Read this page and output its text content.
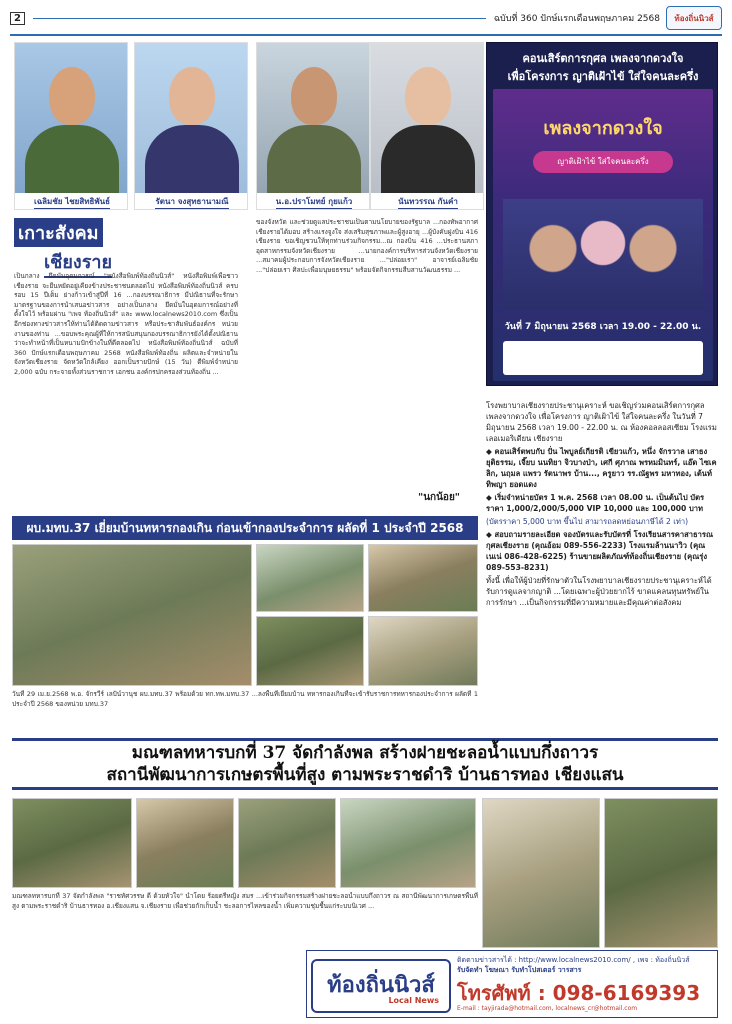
2	ฉบับที่ 360 ปักษ์แรกเดือนพฤษภาคม 2568	ท้องถิ่นนิวส์
เฉลิมชัย ไชยสิทธิพันธ์	รัตนา จงสุทธานามณี	น.อ.ปราโมทย์ กุยแก้ว	นันทวรรณ กันคำ
คอนเสิร์ตการกุศล เพลงจากดวงใจ
เพื่อโครงการ ญาติเฝ้าไข้ ใส่ใจคนละครึ่ง
เพลงจากดวงใจ
ญาติเฝ้าไข้ ใส่ใจคนละครึ่ง
วันที่ 7 มิถุนายน 2568 เวลา 19.00 - 22.00 น.
เกาะสังคม
เชียงราย
เป็นกลาง ยึดมั่นอุดมการณ์ "หนังสือพิมพ์ท้องถิ่นนิวส์" หนังสือพิมพ์เพื่อชาวเชียงราย จะยืนหยัดอยู่เคียงข้างประชาชนตลอดไป หนังสือพิมพ์ท้องถิ่นนิวส์ ครบรอบ 15 ปีเต็ม ย่างก้าวเข้าสู่ปีที่ 16 ...กองบรรณาธิการ มีปณิธานที่จะรักษามาตรฐานของการนำเสนอข่าวสาร อย่างเป็นกลาง ยึดมั่นในอุดมการณ์อย่างที่ตั้งใจไว้ พร้อมผ่าน "เพจ ท้องถิ่นนิวส์" และ www.localnews2010.com ซึ่งเป็นอีกช่องทางข่าวสารให้ท่านได้ติดตามข่าวสาร หรือประชาสัมพันธ์องค์กร หน่วยงานของท่าน ...ขอบพระคุณผู้ที่ให้การสนับสนุนกองบรรณาธิการยังได้ตั้งปณิธานว่าจะทำหน้าที่เป็นหนามปักข้างในที่ดีตลอดไป หนังสือพิมพ์ท้องถิ่นนิวส์ ฉบับที่ 360 ปักษ์แรกเดือนพฤษภาคม 2568 หนังสือพิมพ์ท้องถิ่น ผลิตและจำหน่ายในจังหวัดเชียงราย จัดหวัดใกล้เคียง ออกเป็นรายปักษ์ (15 วัน) ตีพิมพ์จำหน่าย 2,000 ฉบับ กระจายทั้งส่วนราชการ เอกชน องค์กรปกครองส่วนท้องถิ่น ...
ของจังหวัด และช่วยดูแลประชาชนเป็นตามนโยบายของรัฐบาล ...กองทัพอากาศเชียงรายได้มอบ สร้างแรงจูงใจ ส่งเสริมสุขภาพและผู้สูงอายุ ...ผู้บังคับฝูงบิน 416 เชียงราย ขอเชิญชวนให้ทุกท่านร่วมกิจกรรม...ณ กองบิน 416 ...ประธานสภาอุตสาหกรรมจังหวัดเชียงราย ...นายกองค์การบริหารส่วนจังหวัดเชียงราย ...สมาคมผู้ประกอบการจังหวัดเชียงราย ..."ปล่อยเรา" อาจารย์เฉลิมชัย ..."ปล่อยเรา ศิลปะเพื่อมนุษยธรรม" พร้อมจัดกิจกรรมสืบสานวัฒนธรรม ...
"นกน้อย"

โรงพยาบาลเชียงรายประชานุเคราะห์ ขอเชิญร่วมคอนเสิร์ตการกุศล เพลงจากดวงใจ เพื่อโครงการ ญาติเฝ้าไข้ ใส่ใจคนละครึ่ง ในวันที่ 7 มิถุนายน 2568 เวลา 19.00 - 22.00 น. ณ ห้องคอลลอสเซียม โรงแรมเลอเมอริเดียน เชียงราย

◆ คอนเสิร์ตพบกับ ปั่น ไพบูลย์เกียรติ เขียวแก้ว, หนึ่ง จักรวาล เสาธงยุติธรรม, เจี๊ยบ นนทิยา จิวบางป่า, เศกี ศุภาณ พรหมมินทร์, แอ๊ด ไซเคลิก, นฤมล แพรว รัตนาพร บ้าน..., ครูยาว รร.ณัฐพร มหาทอง, เต้นท์ ทิพญา ยอดแดง

◆ เริ่มจำหน่ายบัตร 1 พ.ค. 2568 เวลา 08.00 น. เป็นต้นไป บัตรราคา 1,000/2,000/5,000 VIP 10,000 และ 100,000 บาท

(บัตรราคา 5,000 บาท ขึ้นไป สามารถลดหย่อนภาษีได้ 2 เท่า)

◆ สอบถามรายละเอียด จองบัตรและรับบัตรที่ โรงเรียนสารคาสาธารณกุศลเชียงราย (คุณอ้อม 089-556-2233) โรงแรมล้านนาวิว (คุณเนเน่ 086-428-6225) ร้านขายผลิตภัณฑ์ท้องถิ่นเชียงราย (คุณรุ่ง 089-553-8231)

ทั้งนี้ เพื่อให้ผู้ป่วยที่รักษาตัวในโรงพยาบาลเชียงรายประชานุเคราะห์ได้รับการดูแลจากญาติ ...โดยเฉพาะผู้ป่วยยากไร้ ขาดแคลนทุนทรัพย์ในการรักษา ...เป็นกิจกรรมที่มีความหมายและมีคุณค่าต่อสังคม

ผบ.มทบ.37 เยี่ยมบ้านทหารกองเกิน ก่อนเข้ากองประจำการ ผลัดที่ 1 ประจำปี 2568
วันที่ 29 เม.ย.2568 พ.อ. จักรวีร์ เลปัน์วานุช ผบ.มทบ.37 พร้อมด้วย ทก.ทพ.มทบ.37 ...ลงพื้นที่เยี่ยมบ้าน ทหารกองเกินที่จะเข้ารับราชการทหารกองประจำการ ผลัดที่ 1 ประจำปี 2568 ของหน่วย มทบ.37
มณฑลทหารบกที่ 37 จัดกำลังพล สร้างฝายชะลอน้ำแบบกึ่งถาวร
สถานีพัฒนาการเกษตรพื้นที่สูง ตามพระราชดำริ บ้านธารทอง เชียงแสน
มณฑลทหารบกที่ 37 จัดกำลังพล "ราชทัศวรรษ ดี ด้วยหัวใจ" นำโดย ร้อยตรีหญิง สมร ...เข้าร่วมกิจกรรมสร้างฝายชะลอน้ำแบบกึ่งถาวร ณ สถานีพัฒนาการเกษตรพื้นที่สูง ตามพระราชดำริ บ้านธารทอง อ.เชียงแสน จ.เชียงราย เพื่อช่วยกักเก็บน้ำ ชะลอการไหลของน้ำ เพิ่มความชุ่มชื้นแก่ระบบนิเวศ ...
ท้องถิ่นนิวส์
Local News
ติดตามข่าวสารได้ : http://www.localnews2010.com/ , เพจ : ท้องถิ่นนิวส์
รับจัดทำ โฆษณา รับทำโปสเตอร์ วารสาร
โทรศัพท์ : 098-6169393
E-mail : tayjirada@hotmail.com, localnews_cr@hotmail.com
